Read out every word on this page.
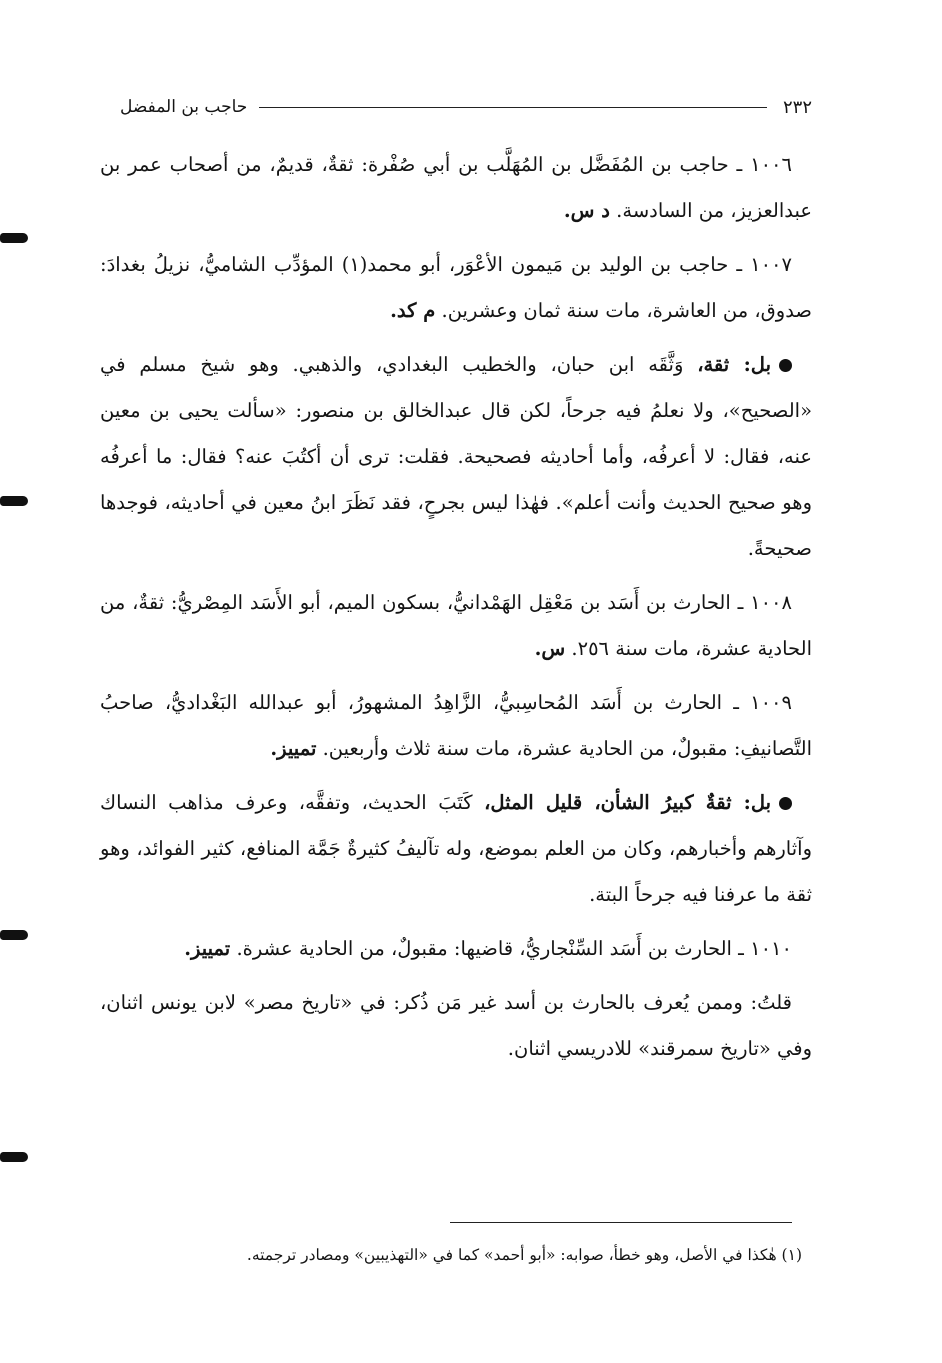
٢٣٢
حاجب بن المفضل

١٠٠٦ ـ حاجب بن المُفَضَّل بن المُهَلَّب بن أبي صُفْرة: ثقةٌ، قديمٌ، من أصحاب عمر بن عبدالعزيز، من السادسة. د س.

١٠٠٧ ـ حاجب بن الوليد بن مَيمون الأعْوَر، أبو محمد(١) المؤدِّب الشاميُّ، نزيلُ بغدادَ: صدوق، من العاشرة، مات سنة ثمان وعشرين. م كد.

بل: ثقة، وَثَّقَه ابن حبان، والخطيب البغدادي، والذهبي. وهو شيخ مسلم في «الصحيح»، ولا نعلمُ فيه جرحاً، لكن قال عبدالخالق بن منصور: «سألت يحيى بن معين عنه، فقال: لا أعرفُه، وأما أحاديثه فصحيحة. فقلت: ترى أن أكتُبَ عنه؟ فقال: ما أعرفُه وهو صحيح الحديث وأنت أعلم». فهٰذا ليس بجرحٍ، فقد نَظَرَ ابنُ معين في أحاديثه، فوجدها صحيحةً.

١٠٠٨ ـ الحارث بن أَسَد بن مَعْقِل الهَمْدانيُّ، بسكون الميم، أبو الأَسَد المِصْريُّ: ثقةٌ، من الحادية عشرة، مات سنة ٢٥٦. س.

١٠٠٩ ـ الحارث بن أَسَد المُحاسِبيُّ، الزَّاهِدُ المشهورُ، أبو عبدالله البَغْداديُّ، صاحبُ التَّصانيفِ: مقبولٌ، من الحادية عشرة، مات سنة ثلاث وأربعين. تمييز.

بل: ثقةٌ كبيرُ الشأن، قليل المثل، كَتَبَ الحديث، وتفقَّه، وعرف مذاهب النساك وآثارهم وأخبارهم، وكان من العلم بموضع، وله تآليفُ كثيرةٌ جَمَّة المنافع، كثير الفوائد، وهو ثقة ما عرفنا فيه جرحاً البتة.

١٠١٠ ـ الحارث بن أَسَد السِّنْجاريُّ، قاضيها: مقبولٌ، من الحادية عشرة. تمييز.

قلتُ: وممن يُعرف بالحارث بن أسد غير مَن ذُكر: في «تاريخ مصر» لابن يونس اثنان، وفي «تاريخ سمرقند» للادريسي اثنان.

(١) هٰكذا في الأصل، وهو خطأ، صوابه: «أبو أحمد» كما في «التهذيبين» ومصادر ترجمته.
